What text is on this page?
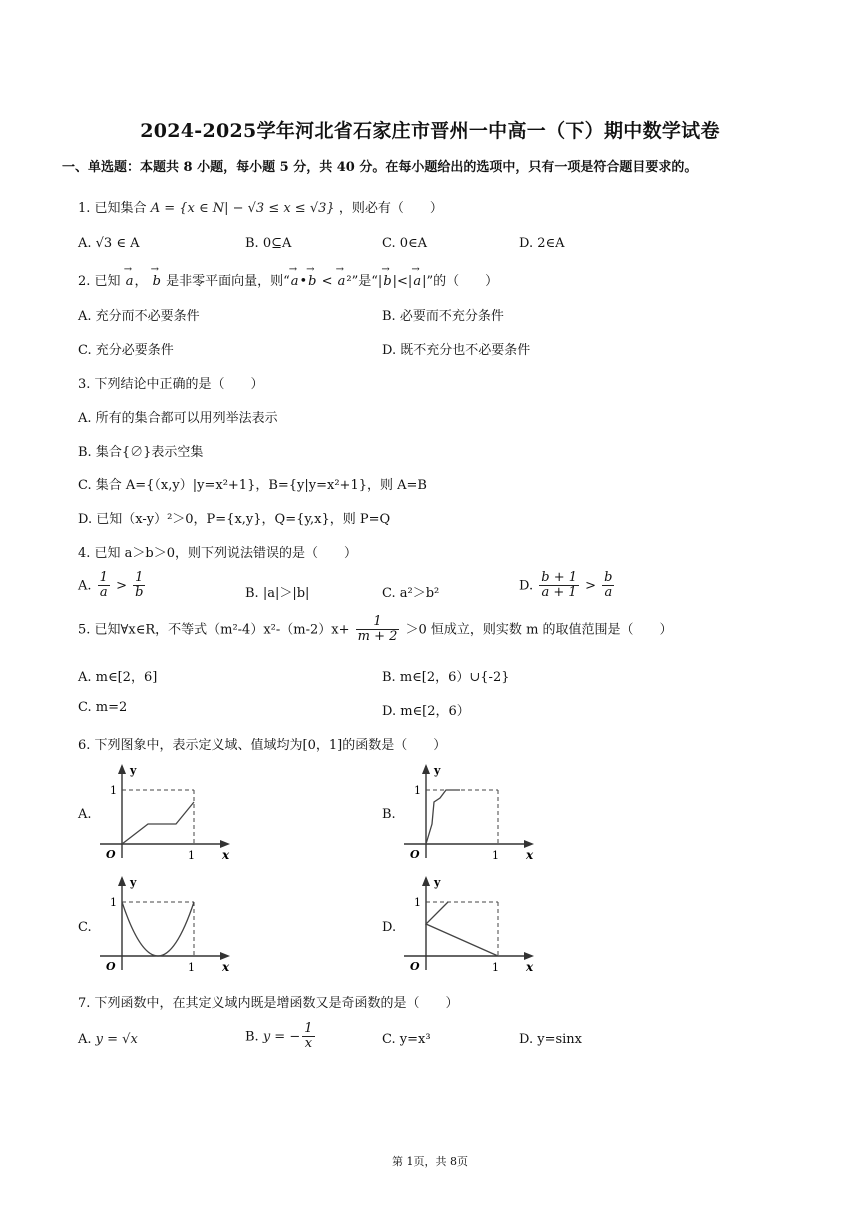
2024-2025学年河北省石家庄市晋州一中高一（下）期中数学试卷
一、单选题：本题共 8 小题，每小题 5 分，共 40 分。在每小题给出的选项中，只有一项是符合题目要求的。
1. 已知集合 A = {x ∈ N| − √3 ≤ x ≤ √3} ，则必有（　　）
A. √3 ∈ A	B. 0⊆A	C. 0∈A	D. 2∈A
2. 已知 → a， → b 是非零平面向量，则“→ a•→ b < → a²”是“|→ b|<|→ a|”的（　　）
A. 充分而不必要条件	B. 必要而不充分条件
C. 充分必要条件	D. 既不充分也不必要条件
3. 下列结论中正确的是（　　）
A. 所有的集合都可以用列举法表示
B. 集合{∅}表示空集
C. 集合 A={（x,y）|y=x²+1}，B={y|y=x²+1}，则 A=B
D. 已知（x-y）²＞0，P={x,y}，Q={y,x}，则 P=Q
4. 已知 a＞b＞0，则下列说法错误的是（　　）
A. $\frac{1}{a} > \frac{1}{b}$	B. |a|＞|b|	C. a²＞b²
D. $\frac{b + 1}{a + 1} > \frac{b}{a}$
5. 已知∀x∈R，不等式$(m^2-4)x^2-(m-2)x+ \frac{1}{m + 2} >0$ 恒成立，则实数 m 的取值范围是（　　）
A. m∈[2，6]	B. m∈[2，6）∪{-2}
C. m=2	D. m∈[2，6）
6. 下列图象中，表示定义域、值域均为[0，1]的函数是（　　）
A.	B.
C.	D.
y
1
O	1 x
y
1
O	1 x
y
1
O	1 x
y
1
O	1 x
7. 下列函数中，在其定义域内既是增函数又是奇函数的是（　　）
A. y = √x	B. y = − $\frac{1}{x}$	C. y=x³	D. y=sinx
第 1页，共 8页
